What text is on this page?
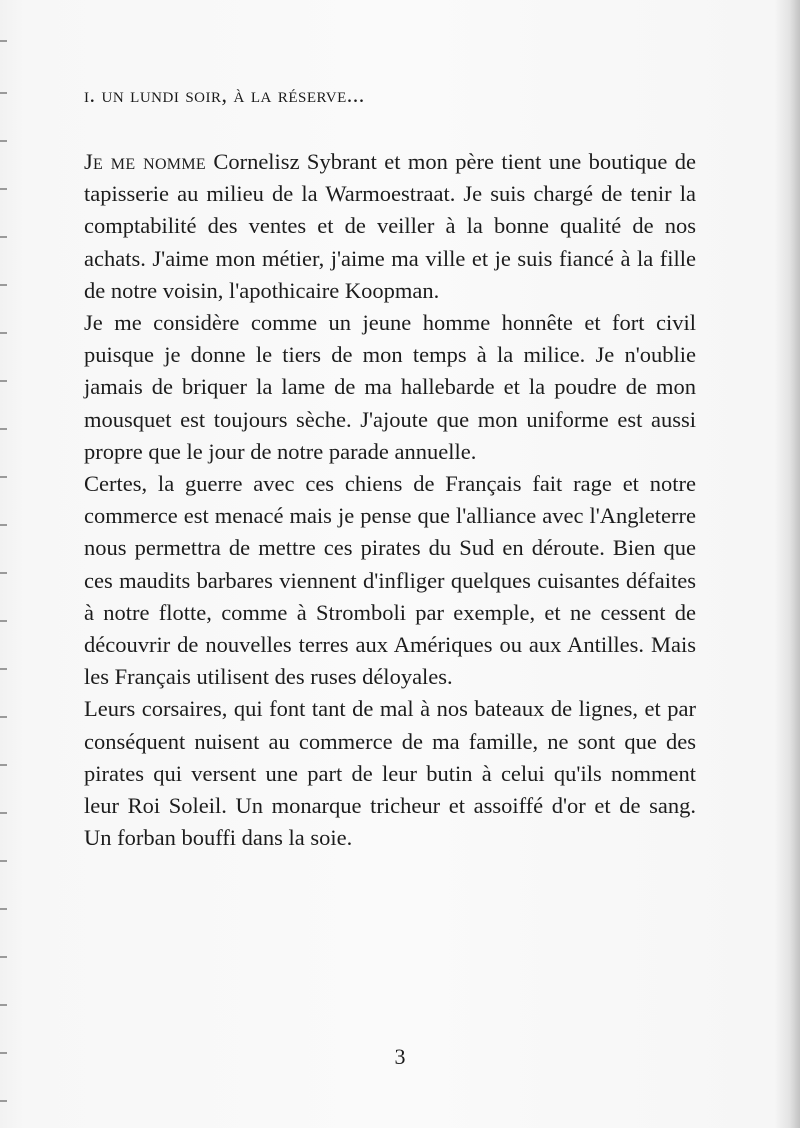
i. un lundi soir, à la réserve...

Je me nomme Cornelisz Sybrant et mon père tient une boutique de tapisserie au milieu de la Warmoestraat. Je suis chargé de tenir la comptabilité des ventes et de veiller à la bonne qualité de nos achats. J'aime mon métier, j'aime ma ville et je suis fiancé à la fille de notre voisin, l'apothicaire Koopman.

Je me considère comme un jeune homme honnête et fort civil puisque je donne le tiers de mon temps à la milice. Je n'oublie jamais de briquer la lame de ma hallebarde et la poudre de mon mousquet est toujours sèche. J'ajoute que mon uniforme est aussi propre que le jour de notre parade annuelle.

Certes, la guerre avec ces chiens de Français fait rage et notre commerce est menacé mais je pense que l'alliance avec l'Angleterre nous permettra de mettre ces pirates du Sud en déroute. Bien que ces maudits barbares viennent d'infliger quelques cuisantes défaites à notre flotte, comme à Stromboli par exemple, et ne cessent de découvrir de nouvelles terres aux Amériques ou aux Antilles. Mais les Français utilisent des ruses déloyales.

Leurs corsaires, qui font tant de mal à nos bateaux de lignes, et par conséquent nuisent au commerce de ma famille, ne sont que des pirates qui versent une part de leur butin à celui qu'ils nomment leur Roi Soleil. Un monarque tricheur et assoiffé d'or et de sang. Un forban bouffi dans la soie.

3
